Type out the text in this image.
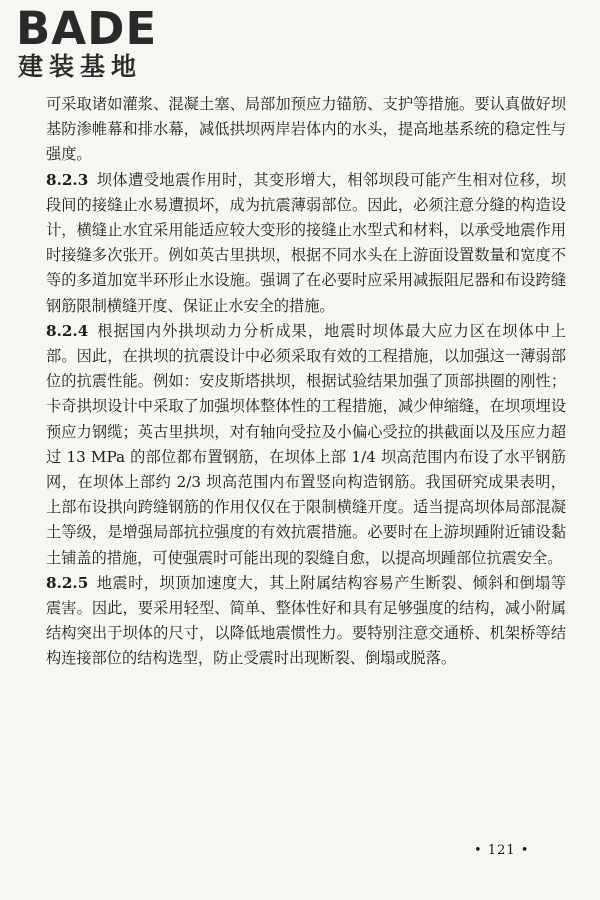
BADE
建装基地

可采取诸如灌浆、混凝土塞、局部加预应力锚筋、支护等措施。要认真做好坝基防渗帷幕和排水幕，减低拱坝两岸岩体内的水头，提高地基系统的稳定性与强度。

8.2.3 坝体遭受地震作用时，其变形增大，相邻坝段可能产生相对位移，坝段间的接缝止水易遭损坏，成为抗震薄弱部位。因此，必须注意分缝的构造设计，横缝止水宜采用能适应较大变形的接缝止水型式和材料，以承受地震作用时接缝多次张开。例如英古里拱坝，根据不同水头在上游面设置数量和宽度不等的多道加宽半环形止水设施。强调了在必要时应采用减振阻尼器和布设跨缝钢筋限制横缝开度、保证止水安全的措施。

8.2.4 根据国内外拱坝动力分析成果，地震时坝体最大应力区在坝体中上部。因此，在拱坝的抗震设计中必须采取有效的工程措施，以加强这一薄弱部位的抗震性能。例如：安皮斯塔拱坝，根据试验结果加强了顶部拱圈的刚性；卡奇拱坝设计中采取了加强坝体整体性的工程措施，减少伸缩缝，在坝项埋设预应力钢缆；英古里拱坝，对有轴向受拉及小偏心受拉的拱截面以及压应力超过 13 MPa 的部位都布置钢筋，在坝体上部 1/4 坝高范围内布设了水平钢筋网，在坝体上部约 2/3 坝高范围内布置竖向构造钢筋。我国研究成果表明，上部布设拱向跨缝钢筋的作用仅仅在于限制横缝开度。适当提高坝体局部混凝土等级，是增强局部抗拉强度的有效抗震措施。必要时在上游坝踵附近铺设黏土铺盖的措施，可使强震时可能出现的裂缝自愈，以提高坝踵部位抗震安全。

8.2.5 地震时，坝顶加速度大，其上附属结构容易产生断裂、倾斜和倒塌等震害。因此，要采用轻型、简单、整体性好和具有足够强度的结构，减小附属结构突出于坝体的尺寸，以降低地震惯性力。要特别注意交通桥、机架桥等结构连接部位的结构选型，防止受震时出现断裂、倒塌或脱落。

• 121 •
